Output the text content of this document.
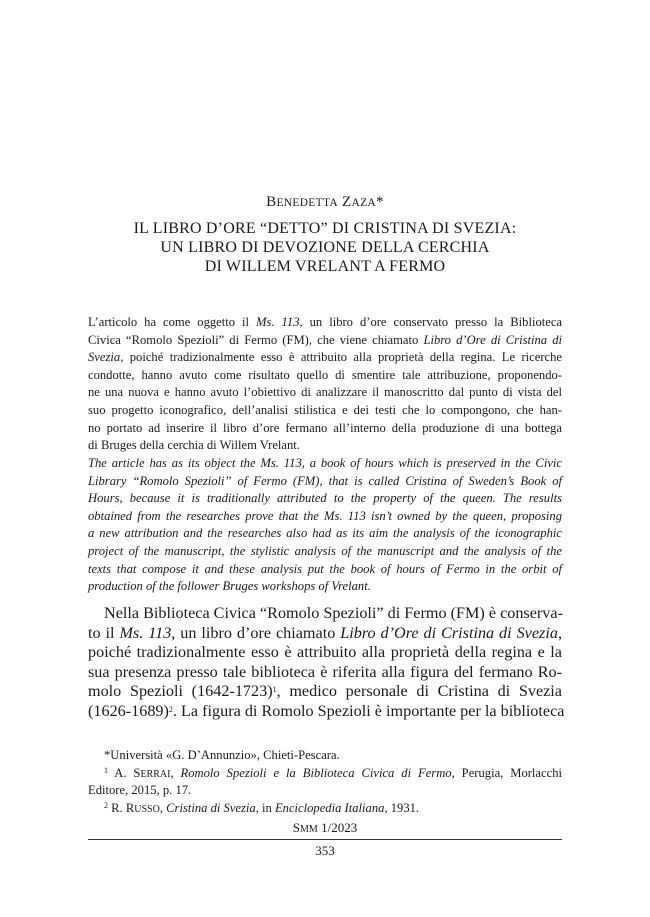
BENEDETTA ZAZA*
IL LIBRO D’ORE “DETTO” DI CRISTINA DI SVEZIA:
UN LIBRO DI DEVOZIONE DELLA CERCHIA
DI WILLEM VRELANT A FERMO
L’articolo ha come oggetto il Ms. 113, un libro d’ore conservato presso la Biblioteca
Civica “Romolo Spezioli” di Fermo (FM), che viene chiamato Libro d’Ore di Cristina di
Svezia, poiché tradizionalmente esso è attribuito alla proprietà della regina. Le ricerche
condotte, hanno avuto come risultato quello di smentire tale attribuzione, proponendo-
ne una nuova e hanno avuto l’obiettivo di analizzare il manoscritto dal punto di vista del
suo progetto iconografico, dell’analisi stilistica e dei testi che lo compongono, che han-
no portato ad inserire il libro d’ore fermano all’interno della produzione di una bottega
di Bruges della cerchia di Willem Vrelant.
The article has as its object the Ms. 113, a book of hours which is preserved in the Civic
Library “Romolo Spezioli” of Fermo (FM), that is called Cristina of Sweden’s Book of
Hours, because it is traditionally attributed to the property of the queen. The results
obtained from the researches prove that the Ms. 113 isn’t owned by the queen, proposing
a new attribution and the researches also had as its aim the analysis of the iconographic
project of the manuscript, the stylistic analysis of the manuscript and the analysis of the
texts that compose it and these analysis put the book of hours of Fermo in the orbit of
production of the follower Bruges workshops of Vrelant.
Nella Biblioteca Civica “Romolo Spezioli” di Fermo (FM) è conserva-
to il Ms. 113, un libro d’ore chiamato Libro d’Ore di Cristina di Svezia,
poiché tradizionalmente esso è attribuito alla proprietà della regina e la
sua presenza presso tale biblioteca è riferita alla figura del fermano Ro-
molo Spezioli (1642-1723)$^1$, medico personale di Cristina di Svezia
(1626-1689)$^2$. La figura di Romolo Spezioli è importante per la biblioteca
*Università «G. D’Annunzio», Chieti-Pescara.
$^1$ A. SERRAI, Romolo Spezioli e la Biblioteca Civica di Fermo, Perugia, Morlacchi
Editore, 2015, p. 17.
$^2$ R. RUSSO, Cristina di Svezia, in Enciclopedia Italiana, 1931.
SMM 1/2023
353
